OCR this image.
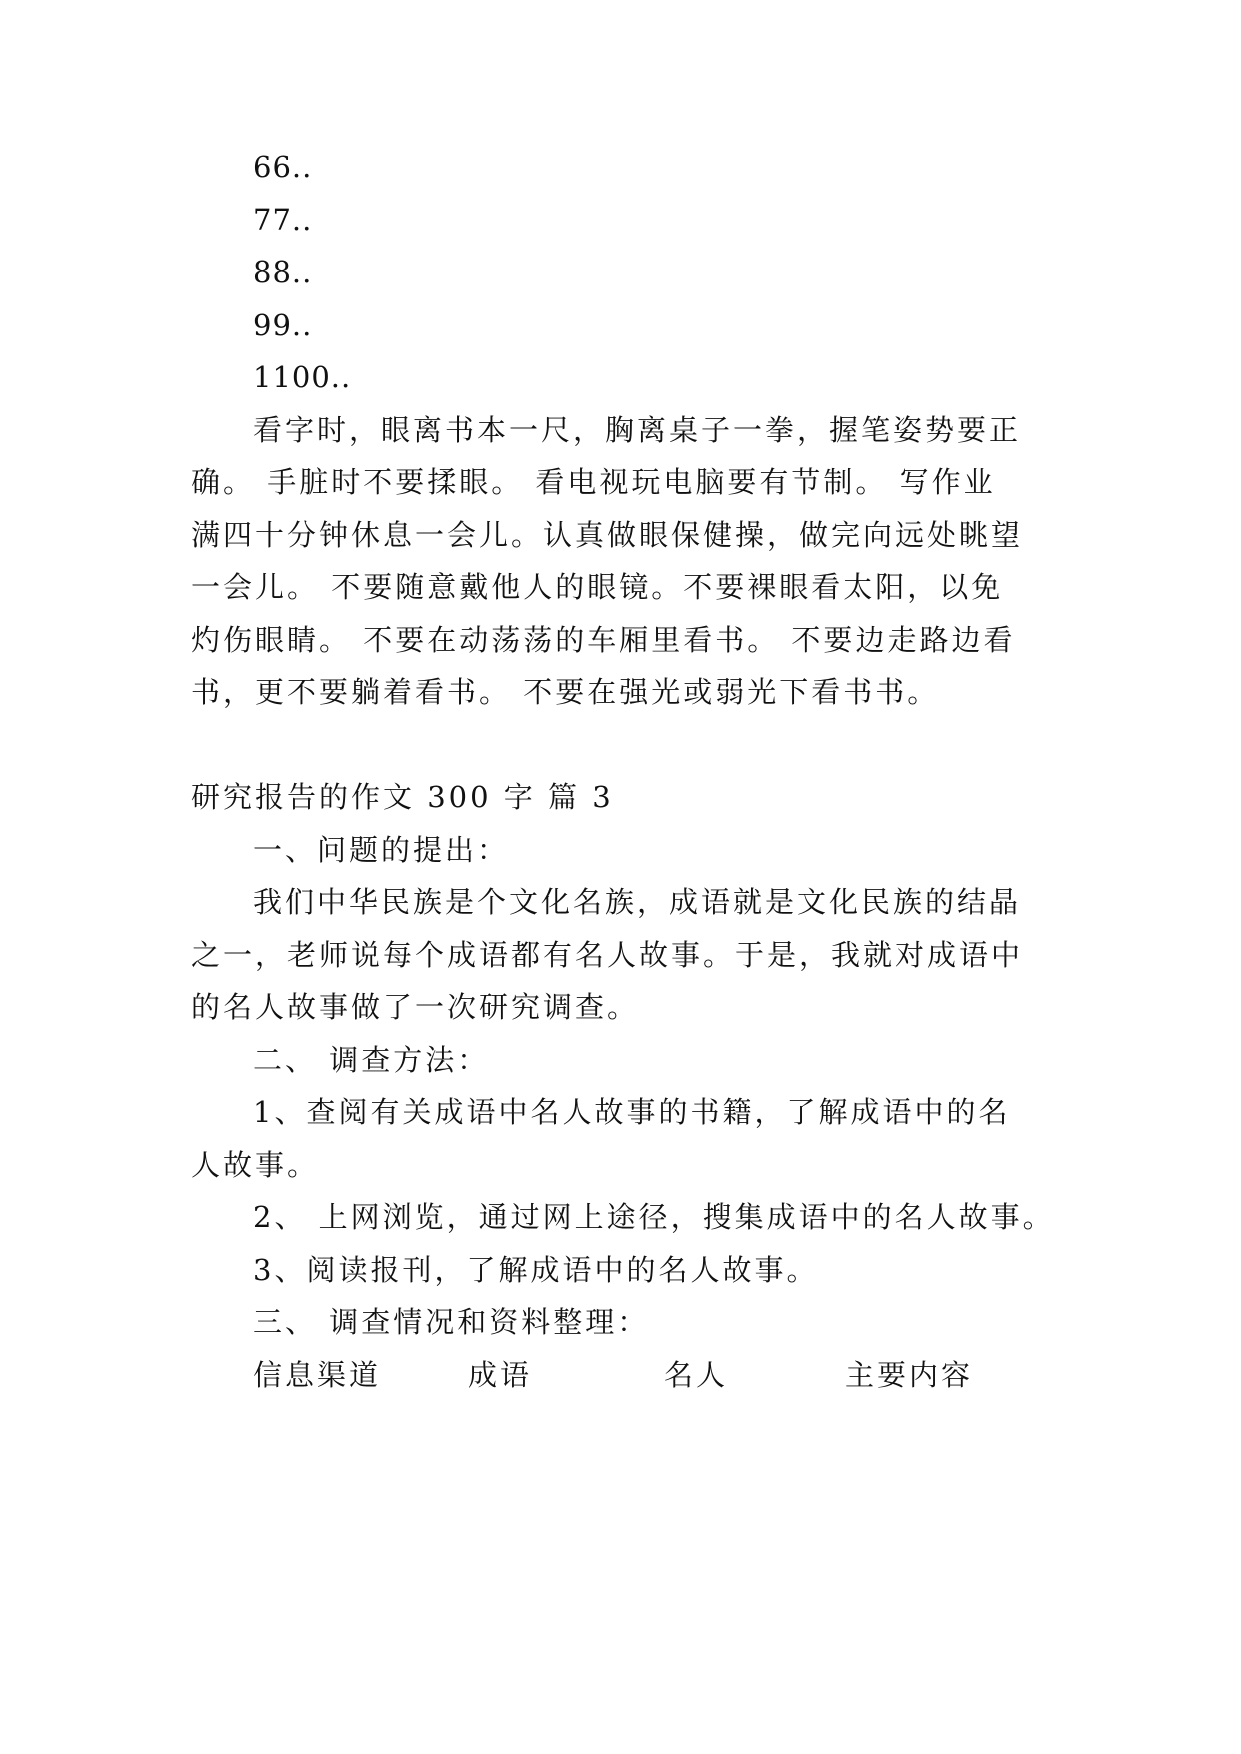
66..
77..
88..
99..
1100..
看字时，眼离书本一尺，胸离桌子一拳，握笔姿势要正
确。 手脏时不要揉眼。 看电视玩电脑要有节制。 写作业
满四十分钟休息一会儿。认真做眼保健操，做完向远处眺望
一会儿。 不要随意戴他人的眼镜。不要裸眼看太阳，以免
灼伤眼睛。 不要在动荡荡的车厢里看书。 不要边走路边看
书，更不要躺着看书。 不要在强光或弱光下看书书。
研究报告的作文 300 字 篇 3
一、问题的提出：
我们中华民族是个文化名族，成语就是文化民族的结晶
之一，老师说每个成语都有名人故事。于是，我就对成语中
的名人故事做了一次研究调查。
二、 调查方法：
1、查阅有关成语中名人故事的书籍，了解成语中的名
人故事。
2、 上网浏览，通过网上途径，搜集成语中的名人故事。
3、阅读报刊，了解成语中的名人故事。
三、 调查情况和资料整理：
信息渠道	成语	名人	主要内容
